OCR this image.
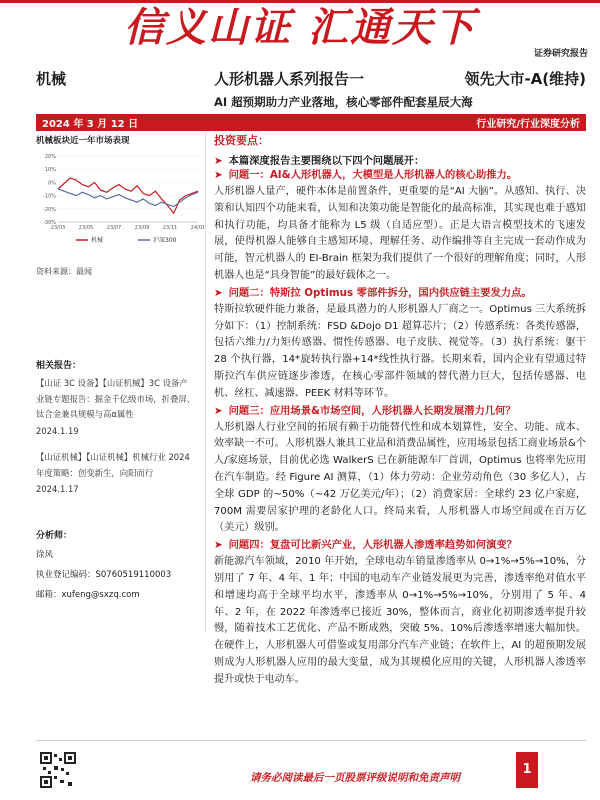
信义山证 汇通天下
证券研究报告
机械	人形机器人系列报告一	领先大市-A(维持)
AI 超预期助力产业落地，核心零部件配套星辰大海
2024 年 3 月 12 日	行业研究/行业深度分析
机械板块近一年市场表现
20%
10%
0%
-10%
-20%
-30%
23/03	23/05	23/07	23/09	23/11	24/01
机械	沪深300
资料来源：最闻
相关报告：
【山证 3C 设备】【山证机械】3C 设备产业链专题报告：掘金千亿级市场，折叠屏、钛合金兼具规模与高α属性
2024.1.19
【山证机械】【山证机械】机械行业 2024 年度策略：创变新生，向阳而行
2024.1.17
分析师：
徐风
执业登记编码：S0760519110003
邮箱：xufeng@sxzq.com
投资要点：
➤ 本篇深度报告主要围绕以下四个问题展开：
➤ 问题一：AI&人形机器人，大模型是人形机器人的核心助推力。

人形机器人量产，硬件本体是前置条件，更重要的是“AI 大脑”。从感知、执行、决策和认知四个功能来看，认知和决策功能是智能化的最高标准，其实现也难于感知和执行功能，均具备才能称为 L5 级（自适应型）。正是大语言模型技术的飞速发展，使得机器人能够自主感知环境、理解任务、动作编排等自主完成一套动作成为可能，智元机器人的 EI-Brain 框架为我们提供了一个很好的理解角度；同时，人形机器人也是“具身智能”的最好载体之一。

➤ 问题二：特斯拉 Optimus 零部件拆分，国内供应链主要发力点。

特斯拉软硬件能力兼备，是最具潜力的人形机器人厂商之一。Optimus 三大系统拆分如下：（1）控制系统：FSD &Dojo D1 超算芯片；（2）传感系统：各类传感器，包括六维力/力矩传感器、惯性传感器、电子皮肤、视觉等。（3）执行系统：躯干 28 个执行器，14*旋转执行器+14*线性执行器。长期来看，国内企业有望通过特斯拉汽车供应链逐步渗透，在核心零部件领域的替代潜力巨大，包括传感器、电机、丝杠、减速器、PEEK 材料等环节。

➤ 问题三：应用场景&市场空间，人形机器人长期发展潜力几何？

人形机器人行业空间的拓展有赖于功能替代性和成本划算性，安全、功能、成本、效率缺一不可。人形机器人兼具工业品和消费品属性，应用场景包括工商业场景&个人/家庭场景，目前优必选 WalkerS 已在新能源车厂首训，Optimus 也将率先应用在汽车制造。经 Figure AI 测算，（1）体力劳动：企业劳动角色（30 多亿人），占全球 GDP 的~50%（~42 万亿美元/年）；（2）消费家居：全球约 23 亿户家庭，700M 需要居家护理的老龄化人口。终局来看，人形机器人市场空间或在百万亿（美元）级别。

➤ 问题四：复盘可比新兴产业，人形机器人渗透率趋势如何演变？

新能源汽车领域，2010 年开始，全球电动车销量渗透率从 0→1%→5%→10%，分别用了 7 年、4 年、1 年；中国的电动车产业链发展更为完善，渗透率绝对值水平和增速均高于全球平均水平，渗透率从 0→1%→5%→10%，分别用了 5 年、4 年、2 年，在 2022 年渗透率已接近 30%，整体而言，商业化初期渗透率提升较慢，随着技术工艺优化、产品不断成熟，突破 5%、10%后渗透率增速大幅加快。在硬件上，人形机器人可借鉴或复用部分汽车产业链；在软件上，AI 的超预期发展则成为人形机器人应用的最大变量，成为其规模化应用的关键，人形机器人渗透率提升或快于电动车。

请务必阅读最后一页股票评级说明和免责声明
1
